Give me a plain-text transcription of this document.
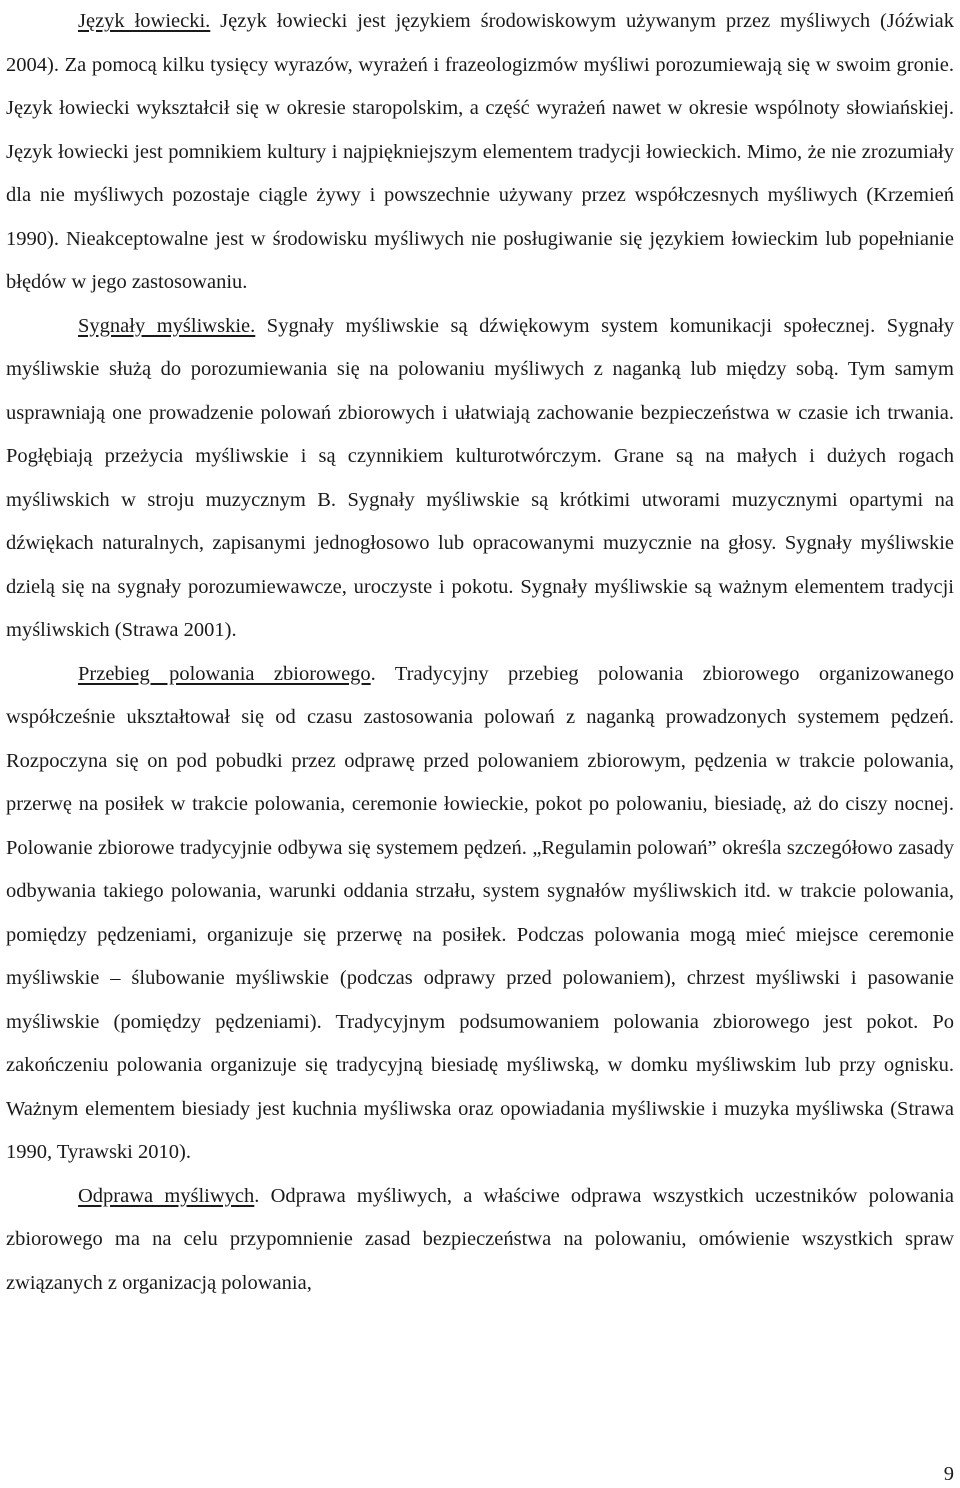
Język łowiecki. Język łowiecki jest językiem środowiskowym używanym przez myśliwych (Jóźwiak 2004). Za pomocą kilku tysięcy wyrazów, wyrażeń i frazeologizmów myśliwi porozumiewają się w swoim gronie. Język łowiecki wykształcił się w okresie staropolskim, a część wyrażeń nawet w okresie wspólnoty słowiańskiej. Język łowiecki jest pomnikiem kultury i najpiękniejszym elementem tradycji łowieckich. Mimo, że nie zrozumiały dla nie myśliwych pozostaje ciągle żywy i powszechnie używany przez współczesnych myśliwych (Krzemień 1990). Nieakceptowalne jest w środowisku myśliwych nie posługiwanie się językiem łowieckim lub popełnianie błędów w jego zastosowaniu.

Sygnały myśliwskie. Sygnały myśliwskie są dźwiękowym system komunikacji społecznej. Sygnały myśliwskie służą do porozumiewania się na polowaniu myśliwych z naganką lub między sobą. Tym samym usprawniają one prowadzenie polowań zbiorowych i ułatwiają zachowanie bezpieczeństwa w czasie ich trwania. Pogłębiają przeżycia myśliwskie i są czynnikiem kulturotwórczym. Grane są na małych i dużych rogach myśliwskich w stroju muzycznym B. Sygnały myśliwskie są krótkimi utworami muzycznymi opartymi na dźwiękach naturalnych, zapisanymi jednogłosowo lub opracowanymi muzycznie na głosy. Sygnały myśliwskie dzielą się na sygnały porozumiewawcze, uroczyste i pokotu. Sygnały myśliwskie są ważnym elementem tradycji myśliwskich (Strawa 2001).

Przebieg polowania zbiorowego. Tradycyjny przebieg polowania zbiorowego organizowanego współcześnie ukształtował się od czasu zastosowania polowań z naganką prowadzonych systemem pędzeń. Rozpoczyna się on pod pobudki przez odprawę przed polowaniem zbiorowym, pędzenia w trakcie polowania, przerwę na posiłek w trakcie polowania, ceremonie łowieckie, pokot po polowaniu, biesiadę, aż do ciszy nocnej. Polowanie zbiorowe tradycyjnie odbywa się systemem pędzeń. „Regulamin polowań” określa szczegółowo zasady odbywania takiego polowania, warunki oddania strzału, system sygnałów myśliwskich itd. w trakcie polowania, pomiędzy pędzeniami, organizuje się przerwę na posiłek. Podczas polowania mogą mieć miejsce ceremonie myśliwskie – ślubowanie myśliwskie (podczas odprawy przed polowaniem), chrzest myśliwski i pasowanie myśliwskie (pomiędzy pędzeniami). Tradycyjnym podsumowaniem polowania zbiorowego jest pokot. Po zakończeniu polowania organizuje się tradycyjną biesiadę myśliwską, w domku myśliwskim lub przy ognisku. Ważnym elementem biesiady jest kuchnia myśliwska oraz opowiadania myśliwskie i muzyka myśliwska (Strawa 1990, Tyrawski 2010).

Odprawa myśliwych. Odprawa myśliwych, a właściwe odprawa wszystkich uczestników polowania zbiorowego ma na celu przypomnienie zasad bezpieczeństwa na polowaniu, omówienie wszystkich spraw związanych z organizacją polowania,

9
